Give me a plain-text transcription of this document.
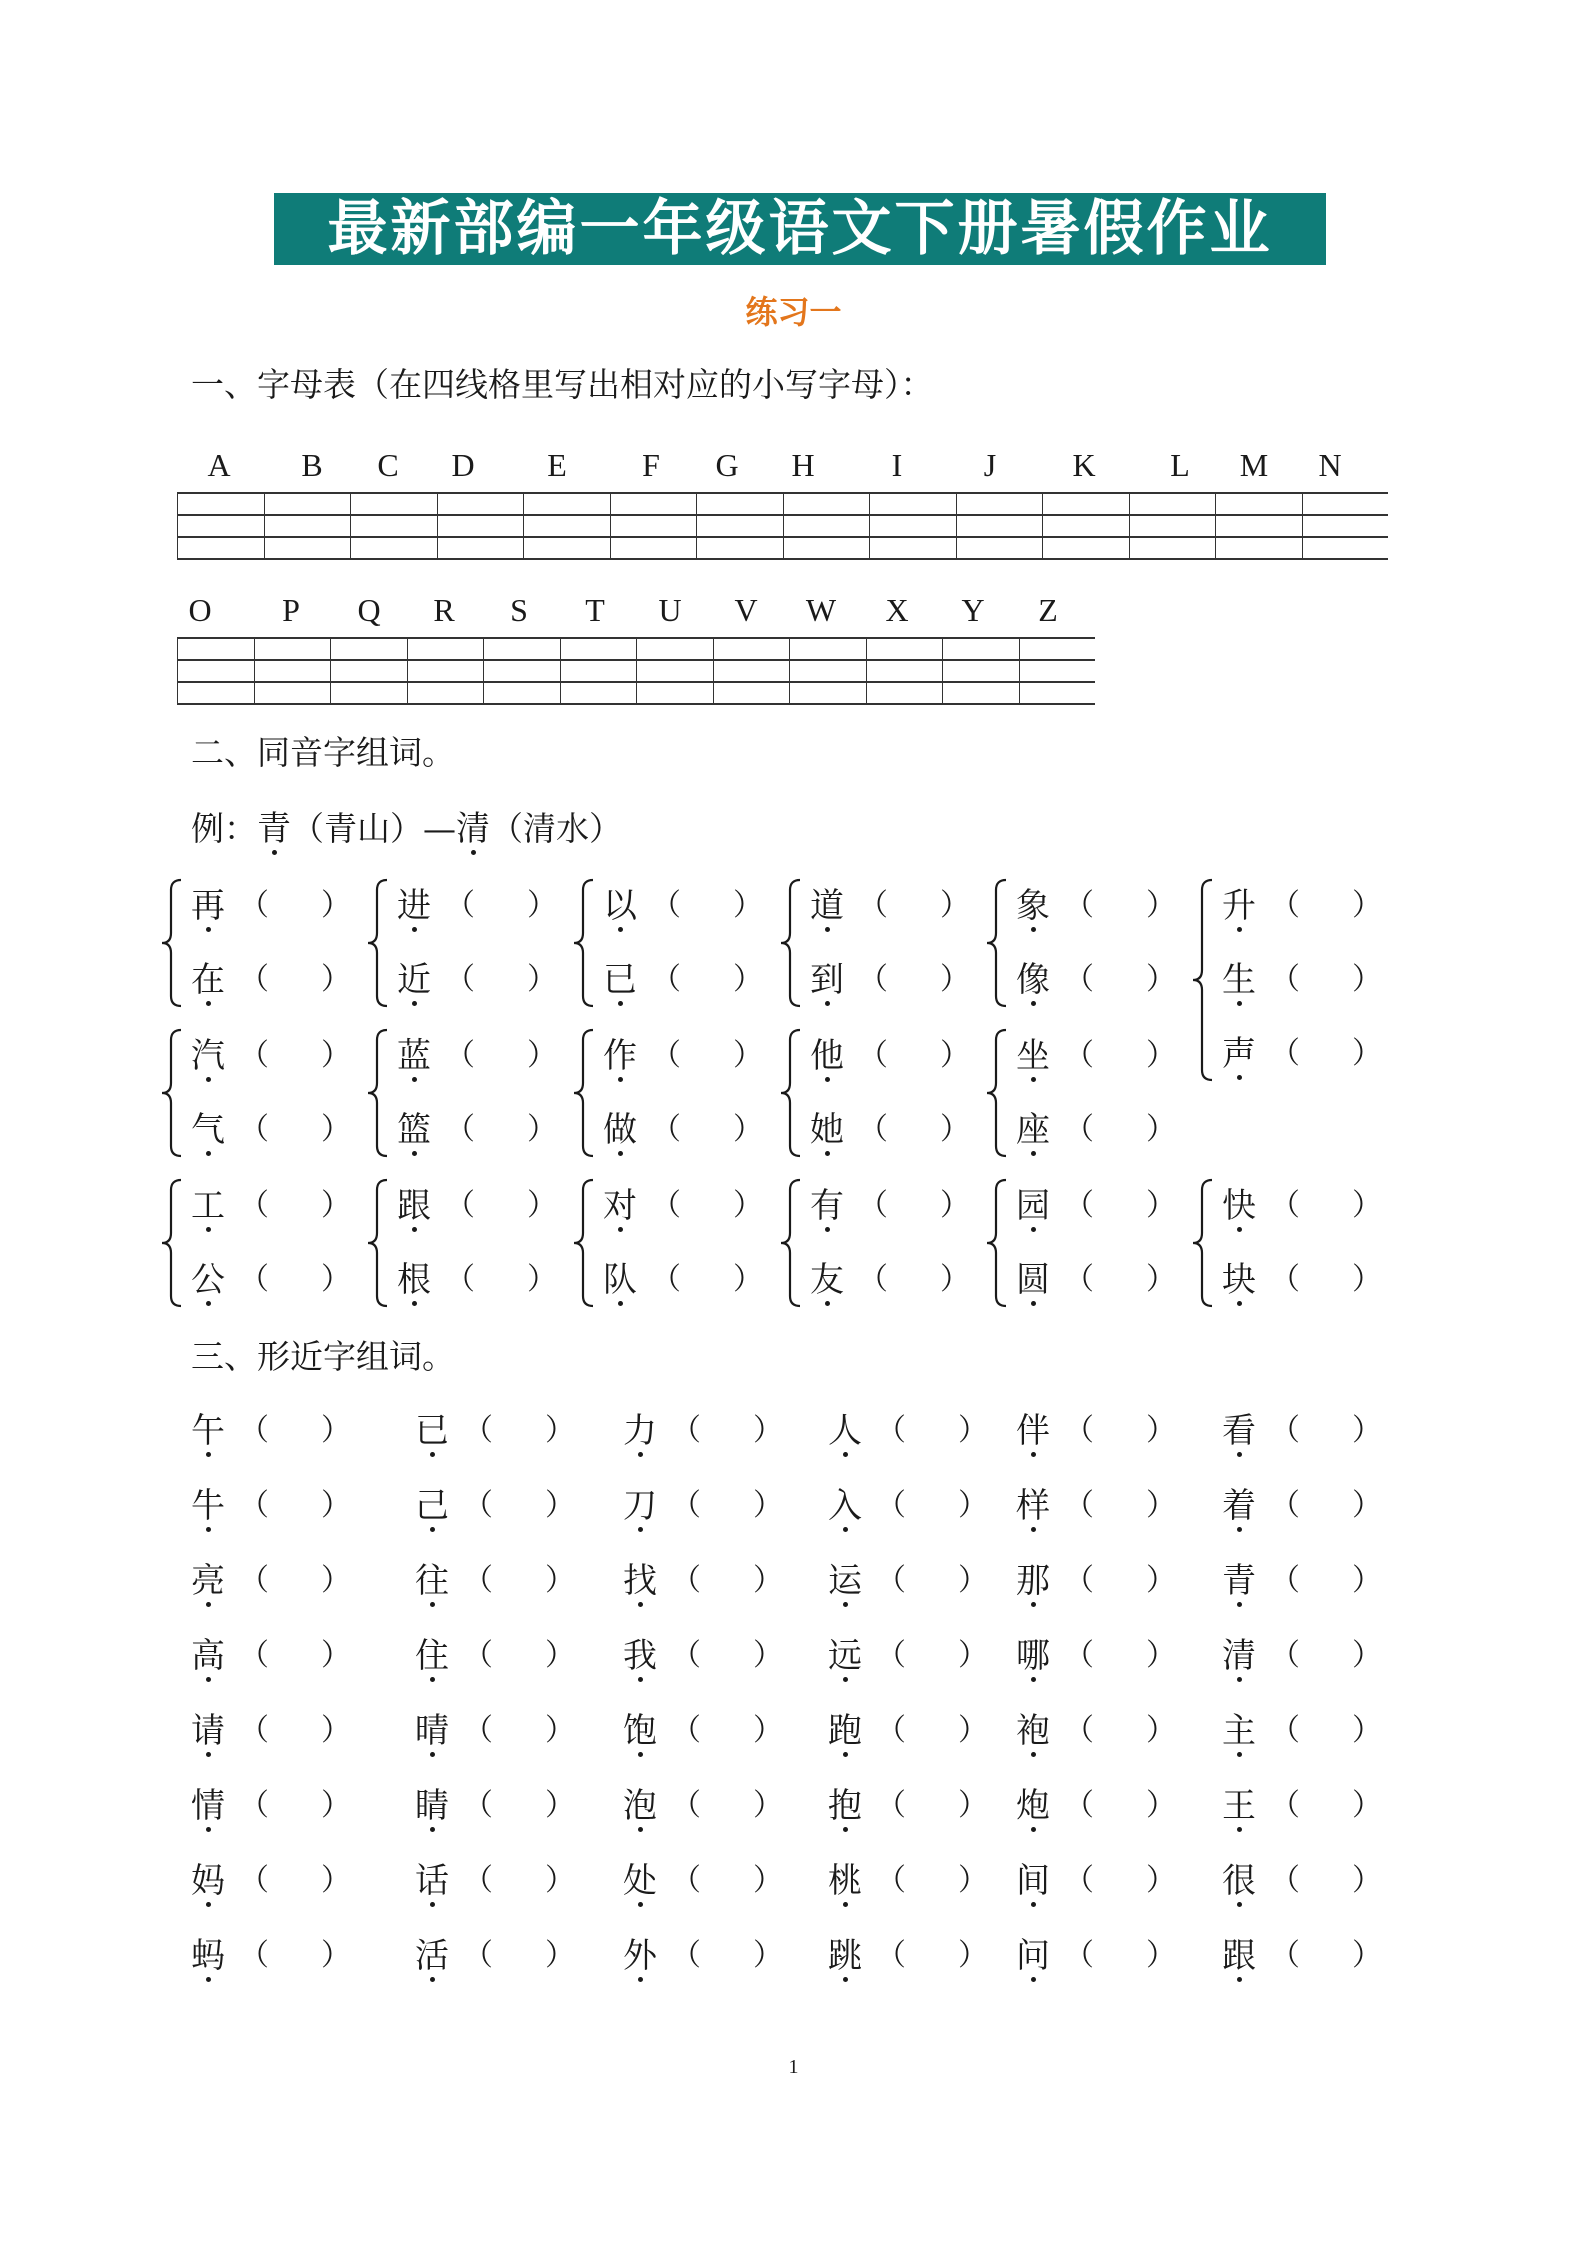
最新部编一年级语文下册暑假作业
练习一
一、字母表（在四线格里写出相对应的小写字母）：
A B C D	E	F	G H	I	J	K	L	M N
O	P	Q R	S	T	U V W X Y	Z
二、同音字组词。
例：青（青山）—清（清水）
再 （ ）
在 （ ）
进 （ ）
近 （ ）
以 （ ）
已 （ ）
道 （ ）
到 （ ）
象 （ ）
像 （ ）
升 （ ）
生 （ ）
声 （ ）
汽 （ ）
气 （ ）
蓝 （ ）
篮 （ ）
作 （ ）
做 （ ）
他 （ ）
她 （ ）
坐 （ ）
座 （ ）
工 （ ）
公 （ ）
跟 （ ）
根 （ ）
对 （ ）
队 （ ）
有 （ ）
友 （ ）
园 （ ）
圆 （ ）
快 （ ）
块 （ ）
三、形近字组词。
午 （ ） 已 （ ） 力 （ ） 人 （ ） 伴 （ ） 看 （ ）
牛 （ ） 己 （ ） 刀 （ ） 入 （ ） 样 （ ） 着 （ ）
亮 （ ） 往 （ ） 找 （ ） 运 （ ） 那 （ ） 青 （ ）
高 （ ） 住 （ ） 我 （ ） 远 （ ） 哪 （ ） 清 （ ）
请 （ ） 晴 （ ） 饱 （ ） 跑 （ ） 袍 （ ） 主 （ ）
情 （ ） 睛 （ ） 泡 （ ） 抱 （ ） 炮 （ ） 王 （ ）
妈 （ ） 话 （ ） 处 （ ） 桃 （ ） 间 （ ） 很 （ ）
蚂 （ ） 活 （ ） 外 （ ） 跳 （ ） 问 （ ） 跟 （ ）
1
